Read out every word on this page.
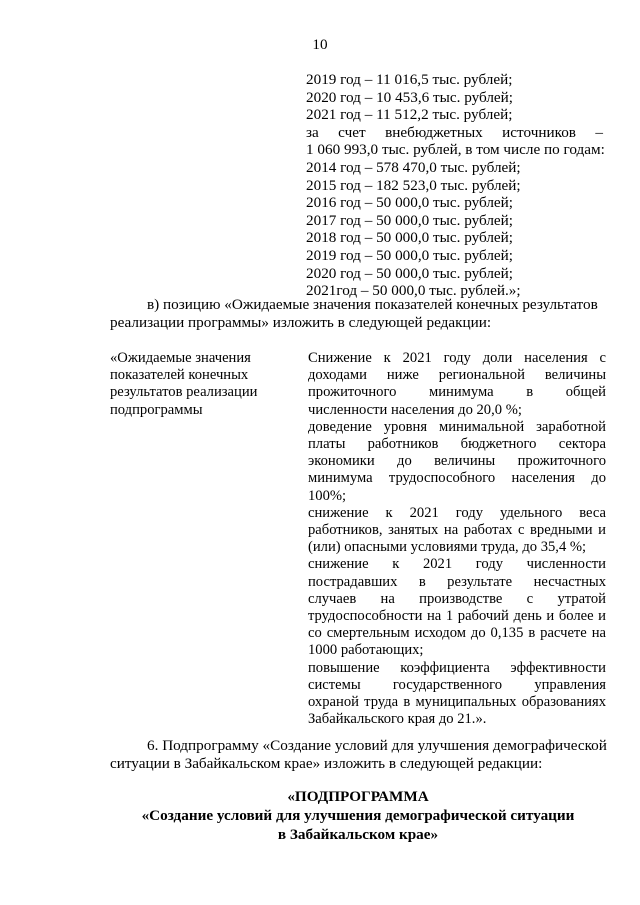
10
2019 год – 11 016,5 тыс. рублей;
2020 год – 10 453,6 тыс. рублей;
2021 год – 11 512,2 тыс. рублей;
за счет внебюджетных источников –
1 060 993,0 тыс. рублей, в том числе по годам:
2014 год – 578 470,0 тыс. рублей;
2015 год – 182 523,0 тыс. рублей;
2016 год – 50 000,0 тыс. рублей;
2017 год – 50 000,0 тыс. рублей;
2018 год – 50 000,0 тыс. рублей;
2019 год – 50 000,0 тыс. рублей;
2020 год – 50 000,0 тыс. рублей;
2021год – 50 000,0 тыс. рублей.»;
в) позицию «Ожидаемые значения показателей конечных результатов
реализации программы» изложить в следующей редакции:
«Ожидаемые значения
показателей конечных
результатов реализации
подпрограммы
Снижение к 2021 году доли населения с
доходами ниже региональной величины
прожиточного минимума в общей
численности населения до 20,0 %;
доведение уровня минимальной заработной
платы работников бюджетного сектора
экономики до величины прожиточного
минимума трудоспособного населения до
100%;
снижение к 2021 году удельного веса
работников, занятых на работах с вредными и
(или) опасными условиями труда, до 35,4 %;
снижение к 2021 году численности
пострадавших в результате несчастных
случаев на производстве с утратой
трудоспособности на 1 рабочий день и более и
со смертельным исходом до 0,135 в расчете на
1000 работающих;
повышение коэффициента эффективности
системы государственного управления
охраной труда в муниципальных образованиях
Забайкальского края до 21.».
6. Подпрограмму «Создание условий для улучшения демографической
ситуации в Забайкальском крае» изложить в следующей редакции:
«ПОДПРОГРАММА
«Создание условий для улучшения демографической ситуации
в Забайкальском крае»
